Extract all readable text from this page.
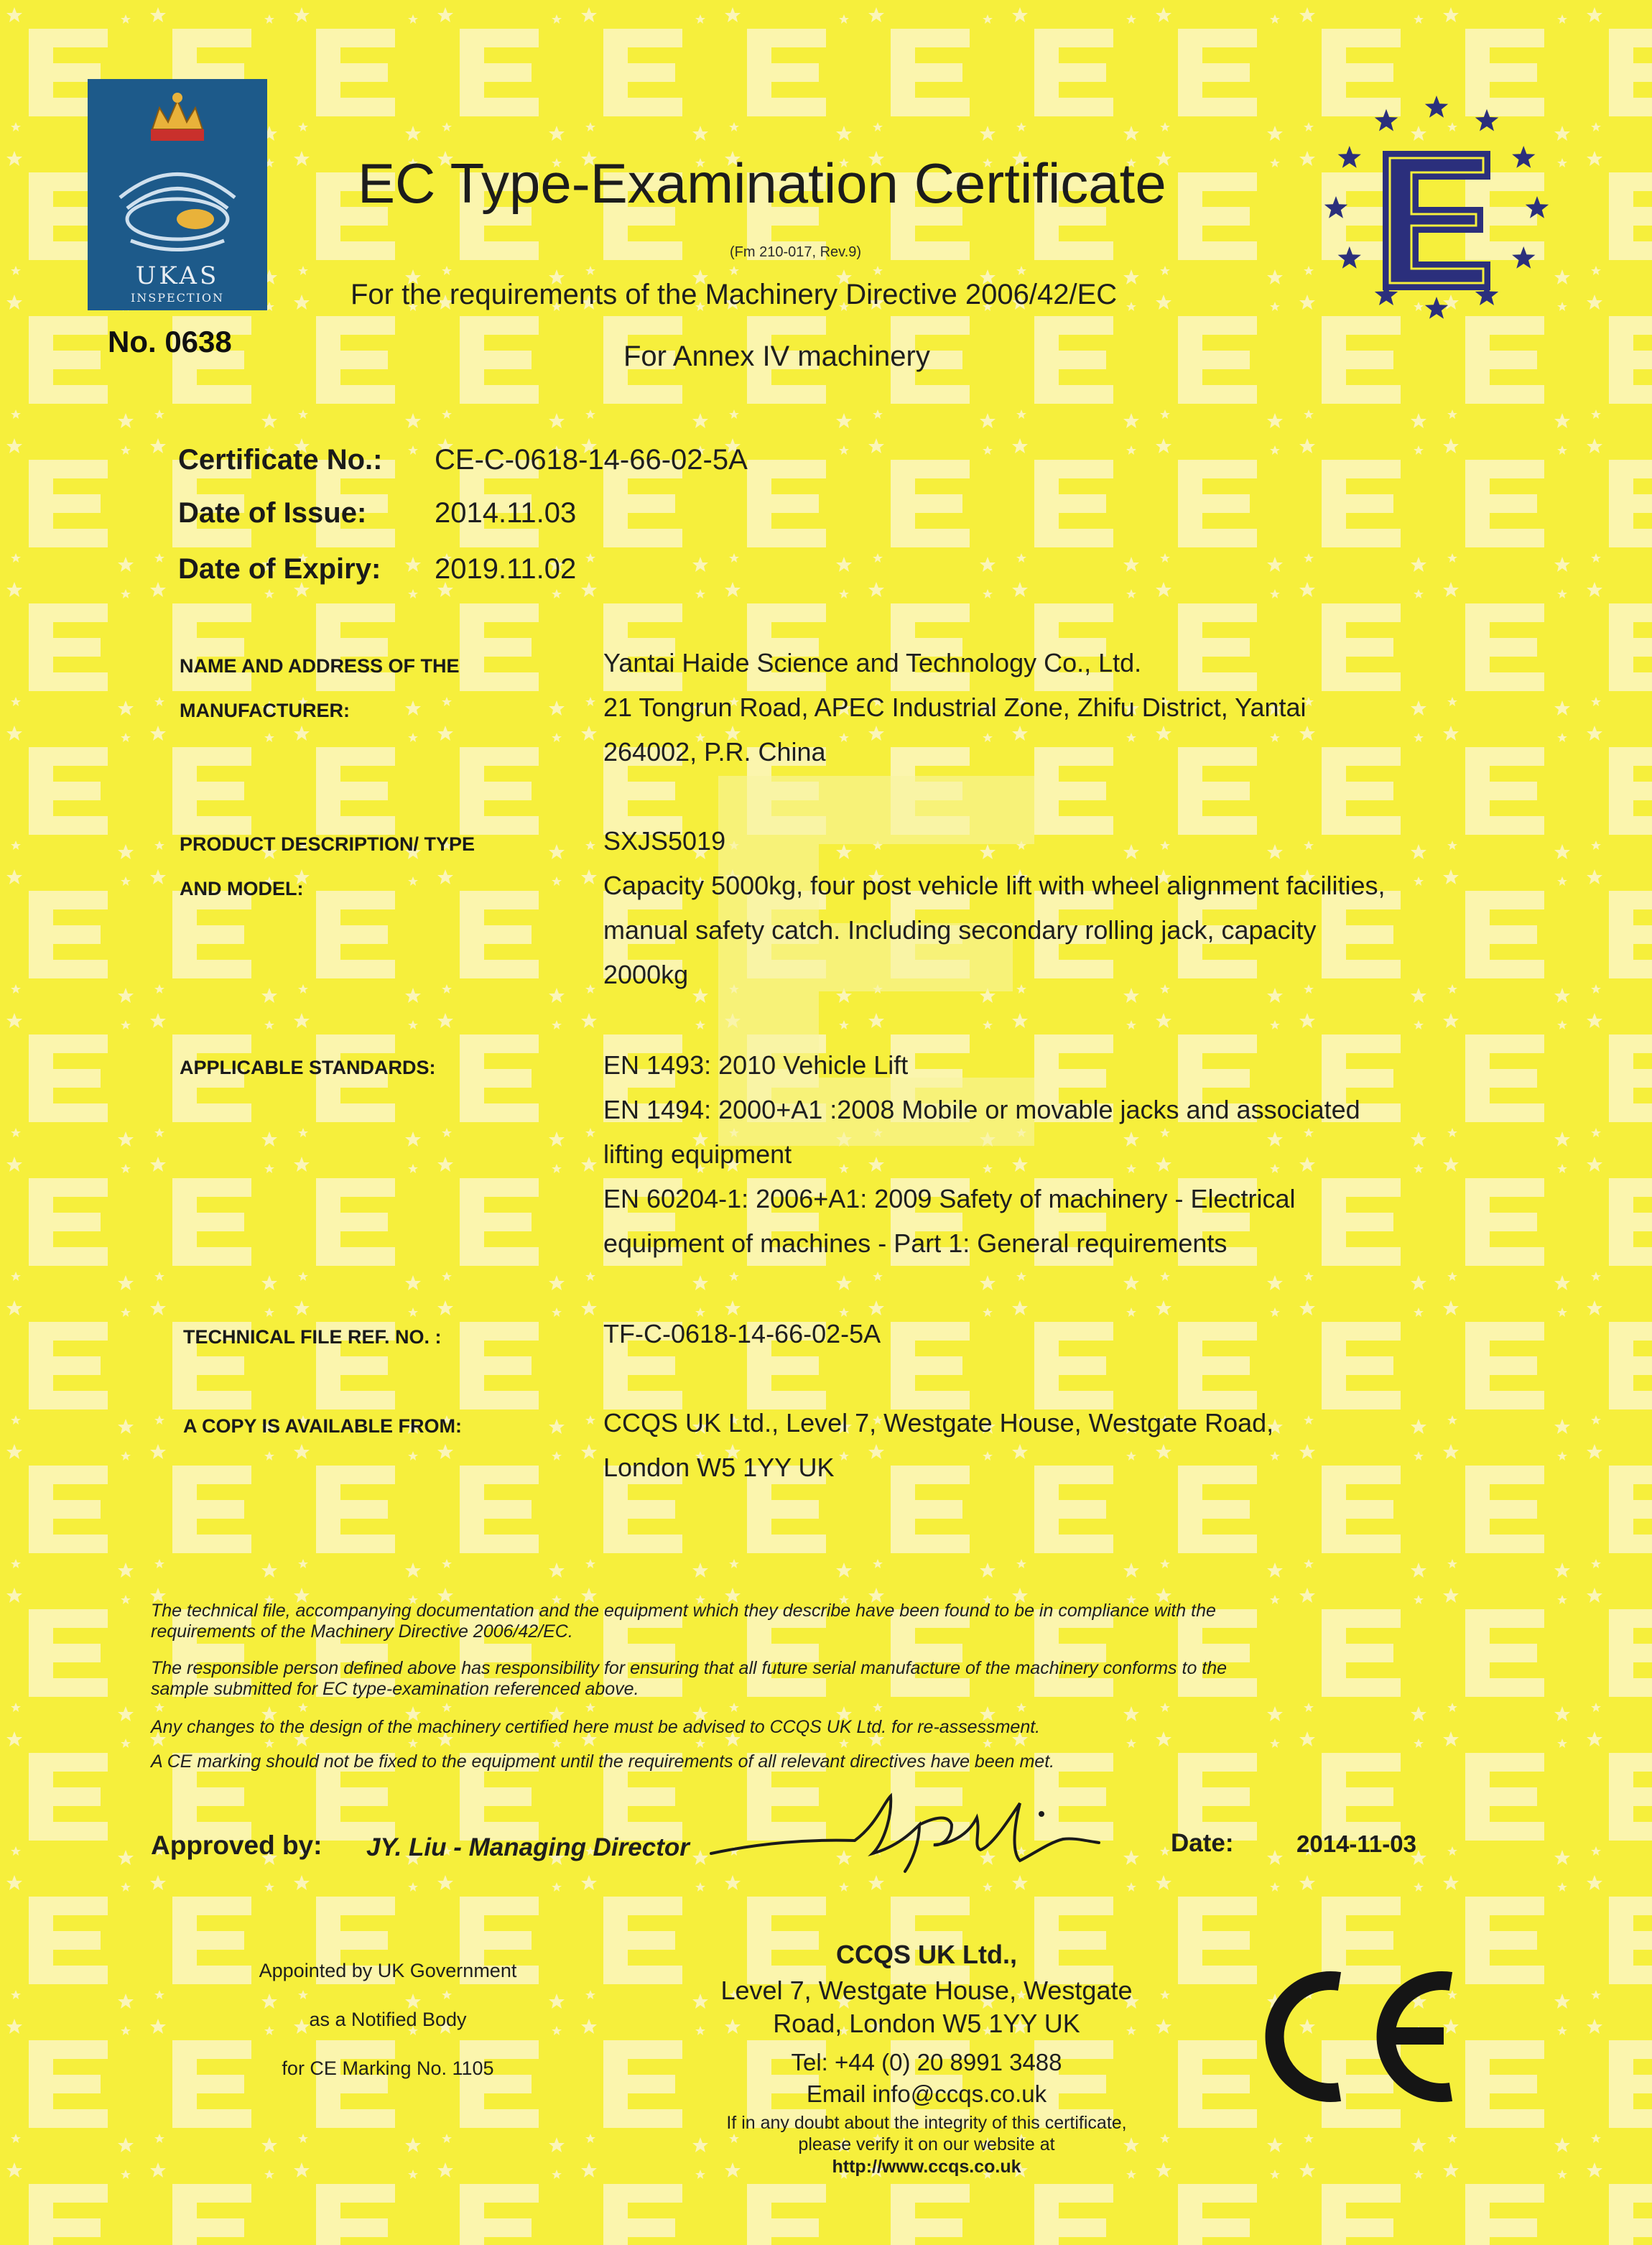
UKAS
INSPECTION
No. 0638
EC Type-Examination Certificate
(Fm 210-017, Rev.9)
For the requirements of the Machinery Directive 2006/42/EC
For Annex IV machinery
Certificate No.: CE-C-0618-14-66-02-5A
Date of Issue: 2014.11.03
Date of Expiry: 2019.11.02
NAME AND ADDRESS OF THE
MANUFACTURER:
Yantai Haide Science and Technology Co., Ltd.
21 Tongrun Road, APEC Industrial Zone, Zhifu District, Yantai
264002, P.R. China
PRODUCT DESCRIPTION/ TYPE
AND MODEL:
SXJS5019
Capacity 5000kg, four post vehicle lift with wheel alignment facilities,
manual safety catch. Including secondary rolling jack, capacity
2000kg
APPLICABLE STANDARDS:	EN 1493: 2010 Vehicle Lift
EN 1494: 2000+A1 :2008 Mobile or movable jacks and associated
lifting equipment
EN 60204-1: 2006+A1: 2009 Safety of machinery - Electrical
equipment of machines - Part 1: General requirements
TECHNICAL FILE REF. NO. :	TF-C-0618-14-66-02-5A
A COPY IS AVAILABLE FROM:	CCQS UK Ltd., Level 7, Westgate House, Westgate Road,
London W5 1YY UK
The technical file, accompanying documentation and the equipment which they describe have been found to be in compliance with the
requirements of the Machinery Directive 2006/42/EC.
The responsible person defined above has responsibility for ensuring that all future serial manufacture of the machinery conforms to the
sample submitted for EC type-examination referenced above.
Any changes to the design of the machinery certified here must be advised to CCQS UK Ltd. for re-assessment.
A CE marking should not be fixed to the equipment until the requirements of all relevant directives have been met.
Approved by: JY. Liu - Managing Director	Date:	2014-11-03
Appointed by UK Government
as a Notified Body
for CE Marking No. 1105
CCQS UK Ltd.,
Level 7, Westgate House, Westgate
Road, London W5 1YY UK
Tel: +44 (0) 20 8991 3488
Email info@ccqs.co.uk
If in any doubt about the integrity of this certificate,
please verify it on our website at
http://www.ccqs.co.uk
